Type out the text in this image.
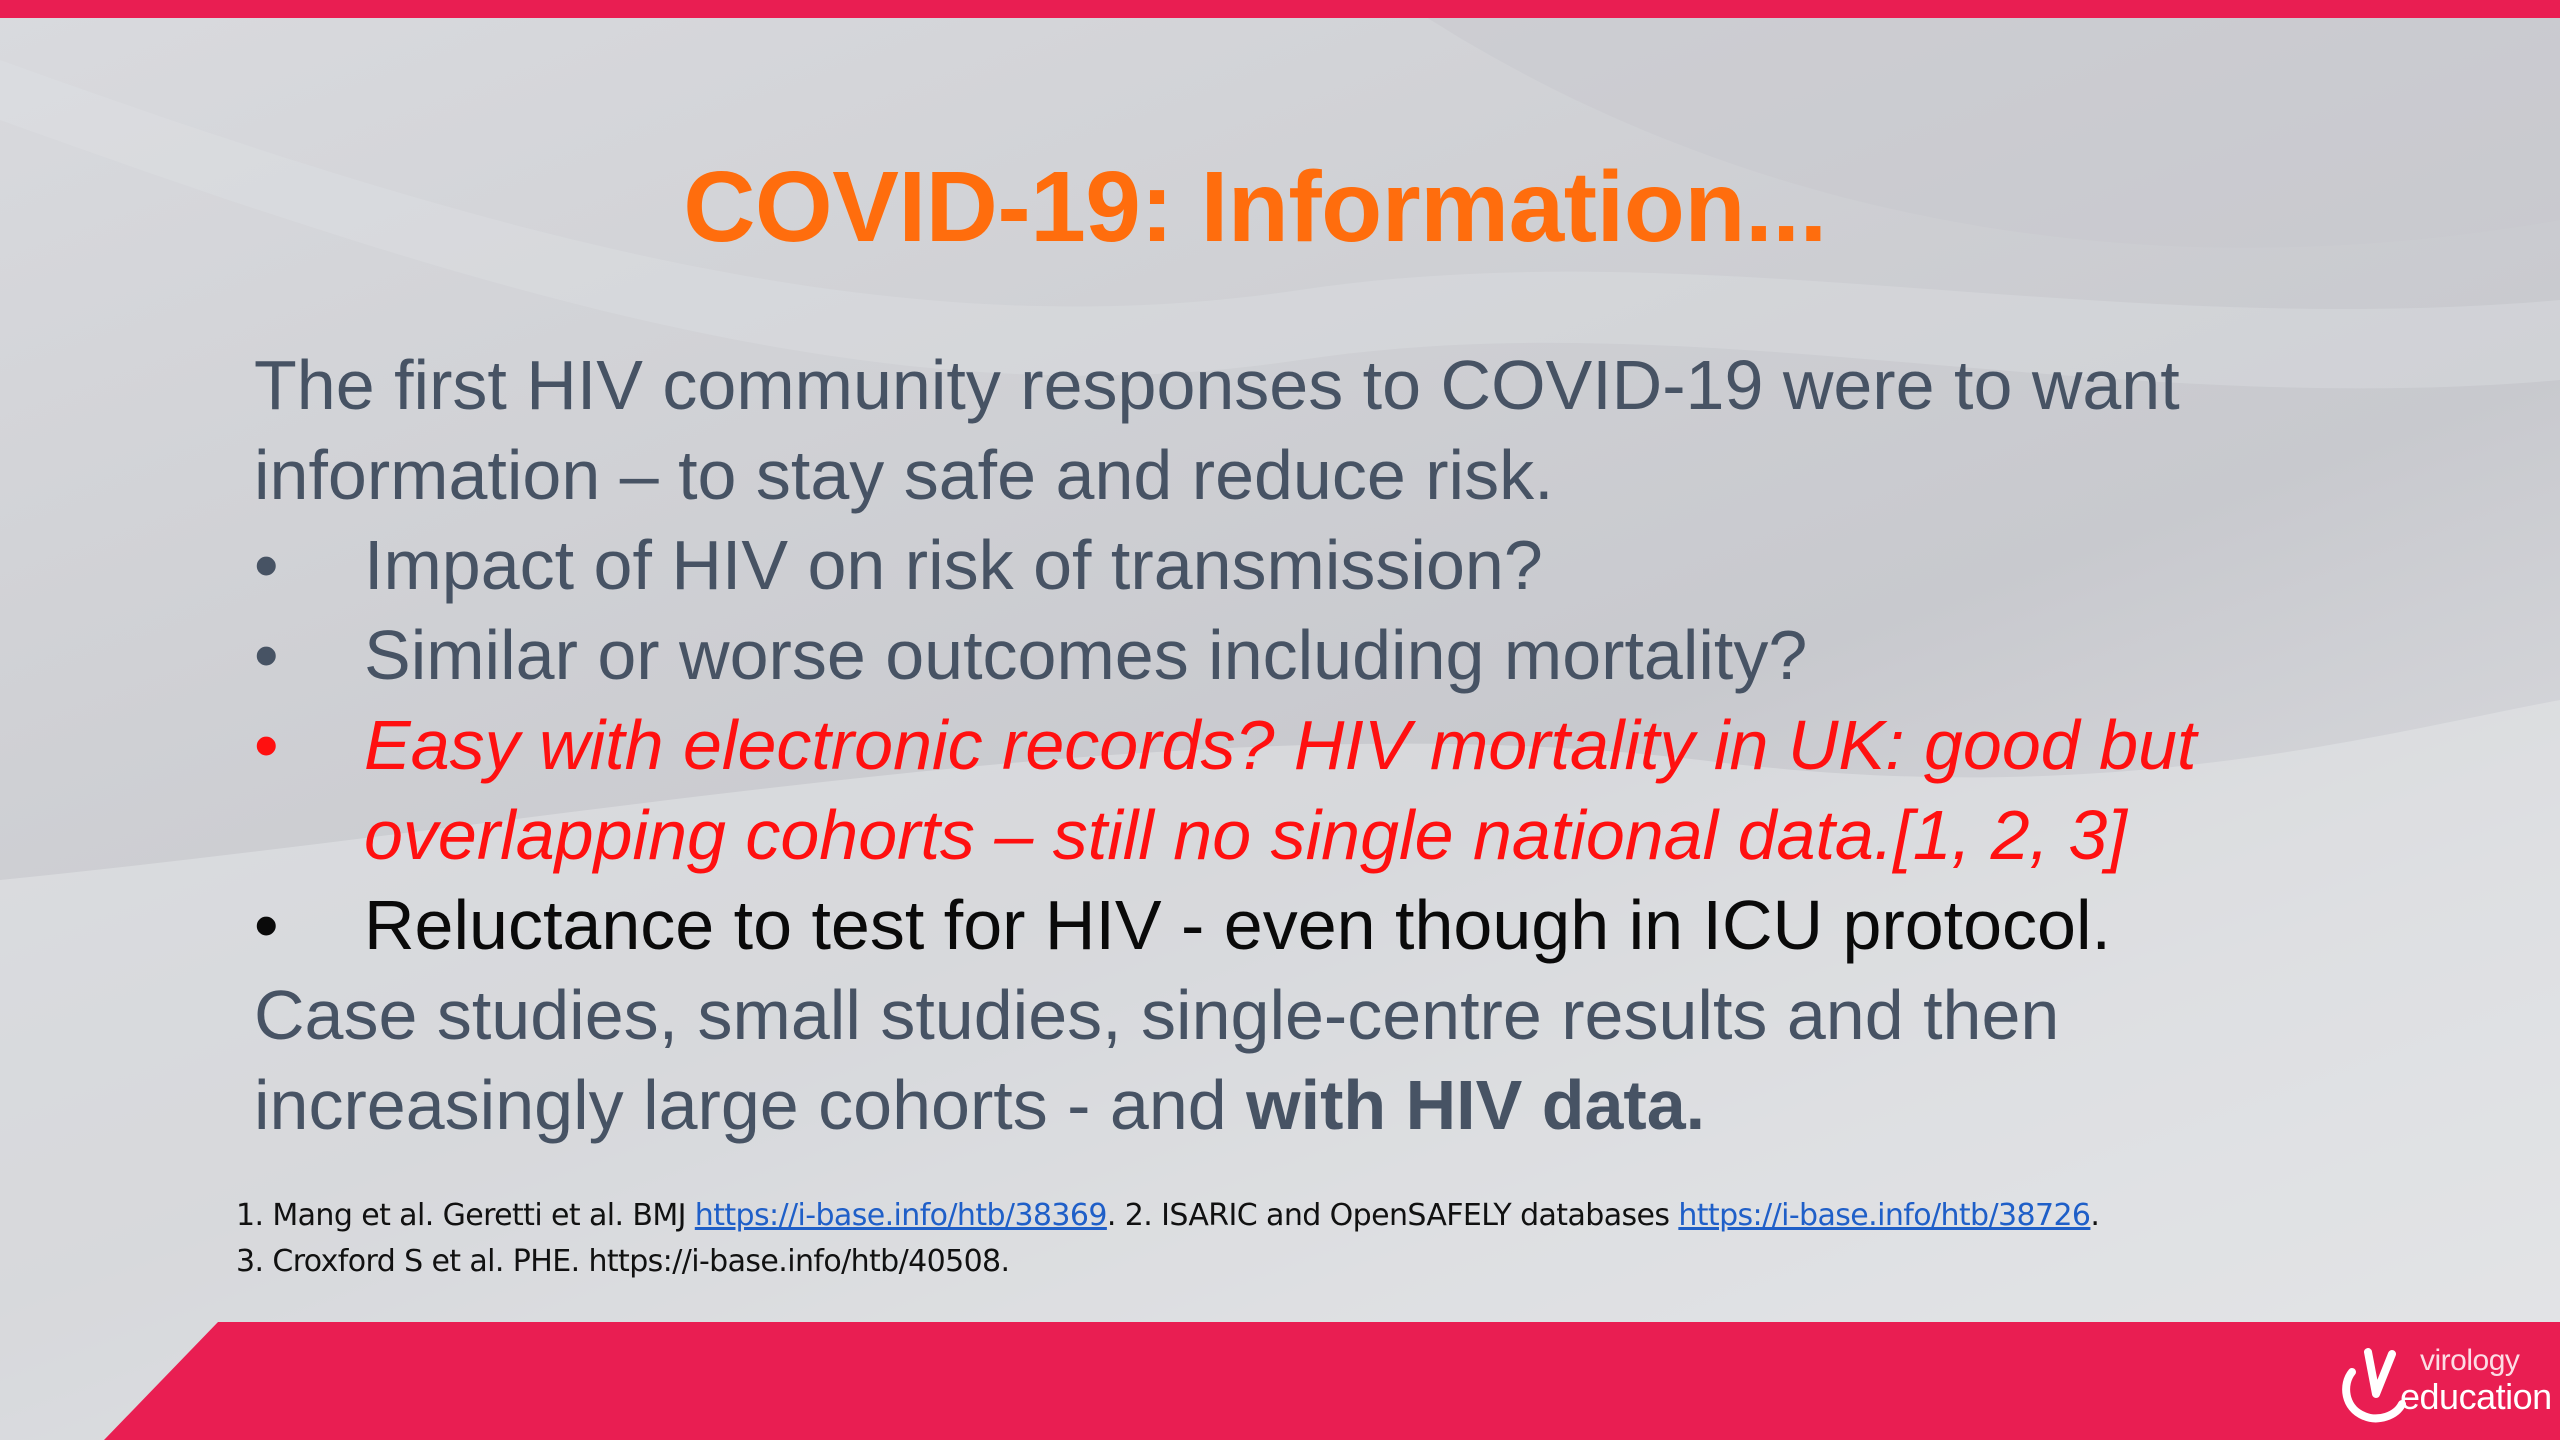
COVID-19: Information...

The first HIV community responses to COVID-19 were to want information – to stay safe and reduce risk.

• Impact of HIV on risk of transmission?
• Similar or worse outcomes including mortality?
• Easy with electronic records? HIV mortality in UK: good but overlapping cohorts – still no single national data.[1, 2, 3]
• Reluctance to test for HIV - even though in ICU protocol.

Case studies, small studies, single-centre results and then increasingly large cohorts - and with HIV data.

1. Mang et al. Geretti et al. BMJ https://i-base.info/htb/38369. 2. ISARIC and OpenSAFELY databases https://i-base.info/htb/38726.
3. Croxford S et al. PHE. https://i-base.info/htb/40508.
virology
education
